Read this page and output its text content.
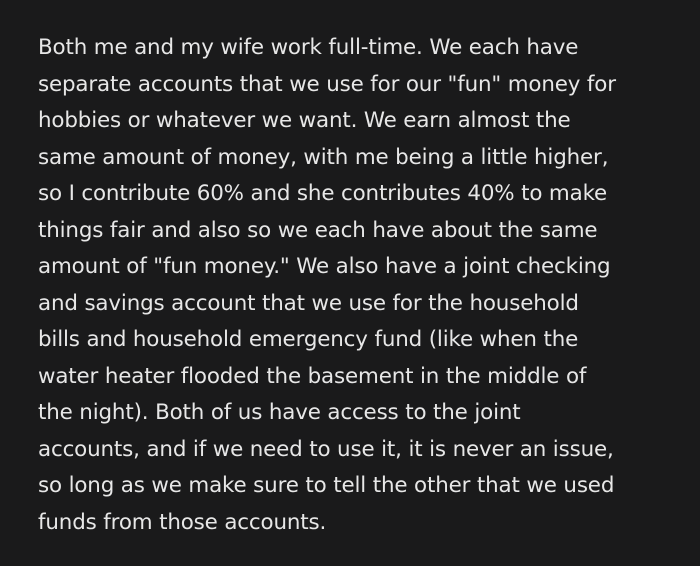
Both me and my wife work full-time. We each have
separate accounts that we use for our "fun" money for
hobbies or whatever we want. We earn almost the
same amount of money, with me being a little higher,
so I contribute 60% and she contributes 40% to make
things fair and also so we each have about the same
amount of "fun money." We also have a joint checking
and savings account that we use for the household
bills and household emergency fund (like when the
water heater flooded the basement in the middle of
the night). Both of us have access to the joint
accounts, and if we need to use it, it is never an issue,
so long as we make sure to tell the other that we used
funds from those accounts.
